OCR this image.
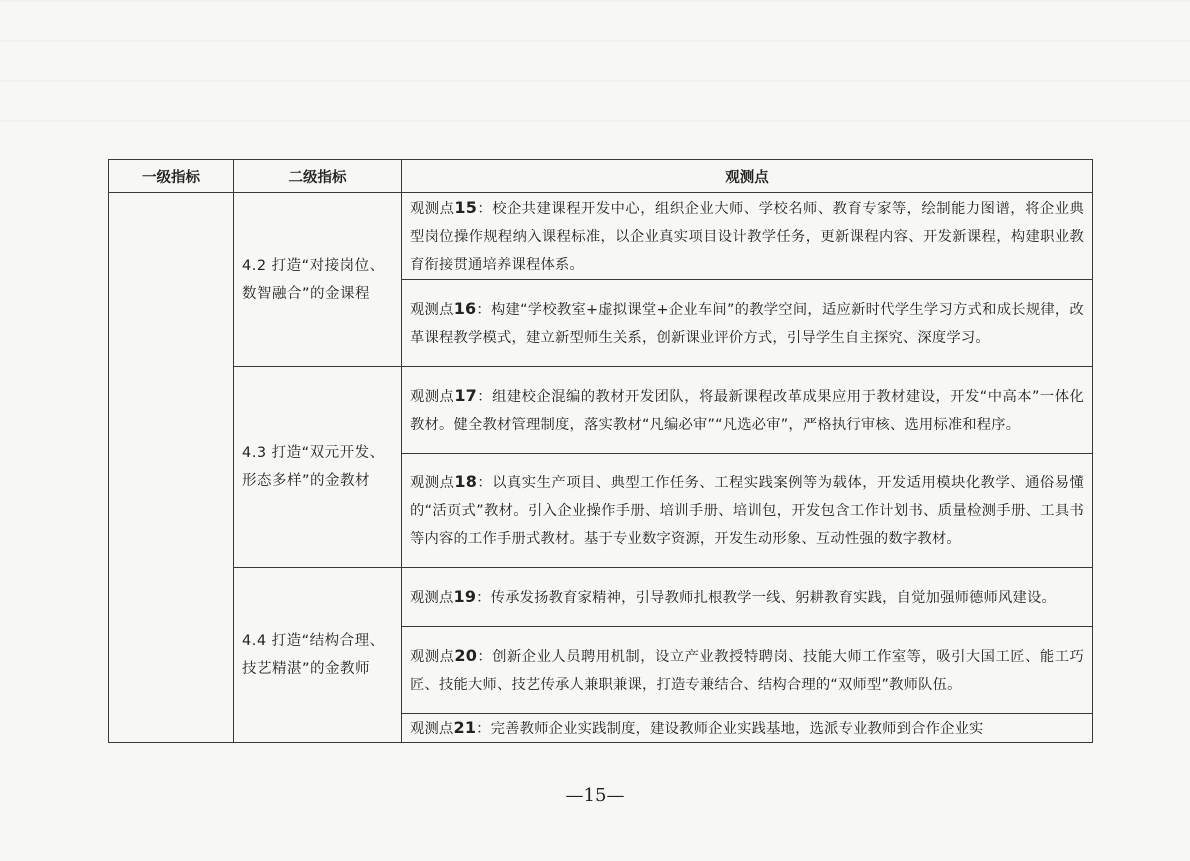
一级指标	二级指标	观测点
	4.2 打造“对接岗位、数智融合”的金课程	观测点15：校企共建课程开发中心，组织企业大师、学校名师、教育专家等，绘制能力图谱，将企业典型岗位操作规程纳入课程标准，以企业真实项目设计教学任务，更新课程内容、开发新课程，构建职业教育衔接贯通培养课程体系。
		观测点16：构建“学校教室+虚拟课堂+企业车间”的教学空间，适应新时代学生学习方式和成长规律，改革课程教学模式，建立新型师生关系，创新课业评价方式，引导学生自主探究、深度学习。
	4.3 打造“双元开发、形态多样”的金教材	观测点17：组建校企混编的教材开发团队，将最新课程改革成果应用于教材建设，开发“中高本”一体化教材。健全教材管理制度，落实教材“凡编必审”“凡选必审”，严格执行审核、选用标准和程序。
		观测点18：以真实生产项目、典型工作任务、工程实践案例等为载体，开发适用模块化教学、通俗易懂的“活页式”教材。引入企业操作手册、培训手册、培训包，开发包含工作计划书、质量检测手册、工具书等内容的工作手册式教材。基于专业数字资源，开发生动形象、互动性强的数字教材。
	4.4 打造“结构合理、技艺精湛”的金教师	观测点19：传承发扬教育家精神，引导教师扎根教学一线、躬耕教育实践，自觉加强师德师风建设。
		观测点20：创新企业人员聘用机制，设立产业教授特聘岗、技能大师工作室等，吸引大国工匠、能工巧匠、技能大师、技艺传承人兼职兼课，打造专兼结合、结构合理的“双师型”教师队伍。

		观测点21：完善教师企业实践制度，建设教师企业实践基地，选派专业教师到合作企业实
—15—
